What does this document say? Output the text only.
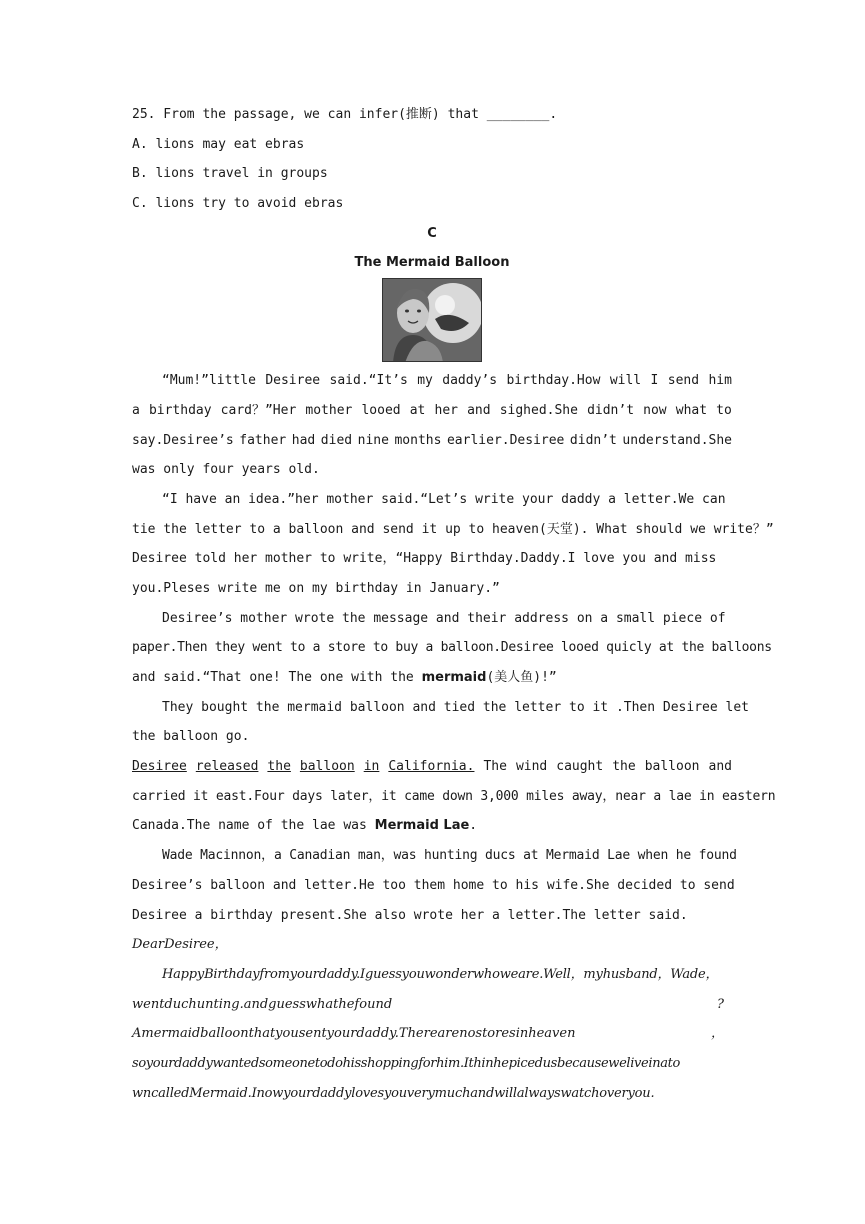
25. From the passage, we can infer(推断) that ________.
A. lions may eat ebras
B. lions travel in groups
C. lions try to avoid ebras
C
The Mermaid Balloon
“Mum!”little Desiree said.“It’s my daddy’s birthday.How will I send him
a birthday card？”Her mother looed at her and sighed.She didn’t now what to
say.Desiree’s father had died nine months earlier.Desiree didn’t understand.She
was only four years old.
“I have an idea.”her mother said.“Let’s write your daddy a letter.We can
tie the letter to a balloon and send it up to heaven(天堂). What should we write？”
Desiree told her mother to write，“Happy Birthday.Daddy.I love you and miss
you.Pleses write me on my birthday in January.”
Desiree’s mother wrote the message and their address on a small piece of
paper.Then they went to a store to buy a balloon.Desiree looed quicly at the balloons
and said.“That one! The one with the mermaid(美人鱼)!”
They bought the mermaid balloon and tied the letter to it .Then Desiree let
the balloon go.
Desiree released the balloon in California. The wind caught the balloon and
carried it east.Four days later，it came down 3,000 miles away，near a lae in eastern
Canada.The name of the lae was Mermaid Lae.
Wade Macinnon，a Canadian man，was hunting ducs at Mermaid Lae when he found
Desiree’s balloon and letter.He too them home to his wife.She decided to send
Desiree a birthday present.She also wrote her a letter.The letter said.
DearDesiree，
HappyBirthdayfromyourdaddy.Iguessyouwonderwhoweare.Well，myhusband，Wade，
wentduchunting.andguesswhathefound	?
Amermaidballoonthatyousentyourdaddy.Therearenostoresinheaven	，
soyourdaddywantedsomeonetodohisshoppingforhim.Ithinhepicedusbecauseweliveinato
wncalledMermaid.Inowyourdaddylovesyouverymuchandwillalwayswatchoveryou.
